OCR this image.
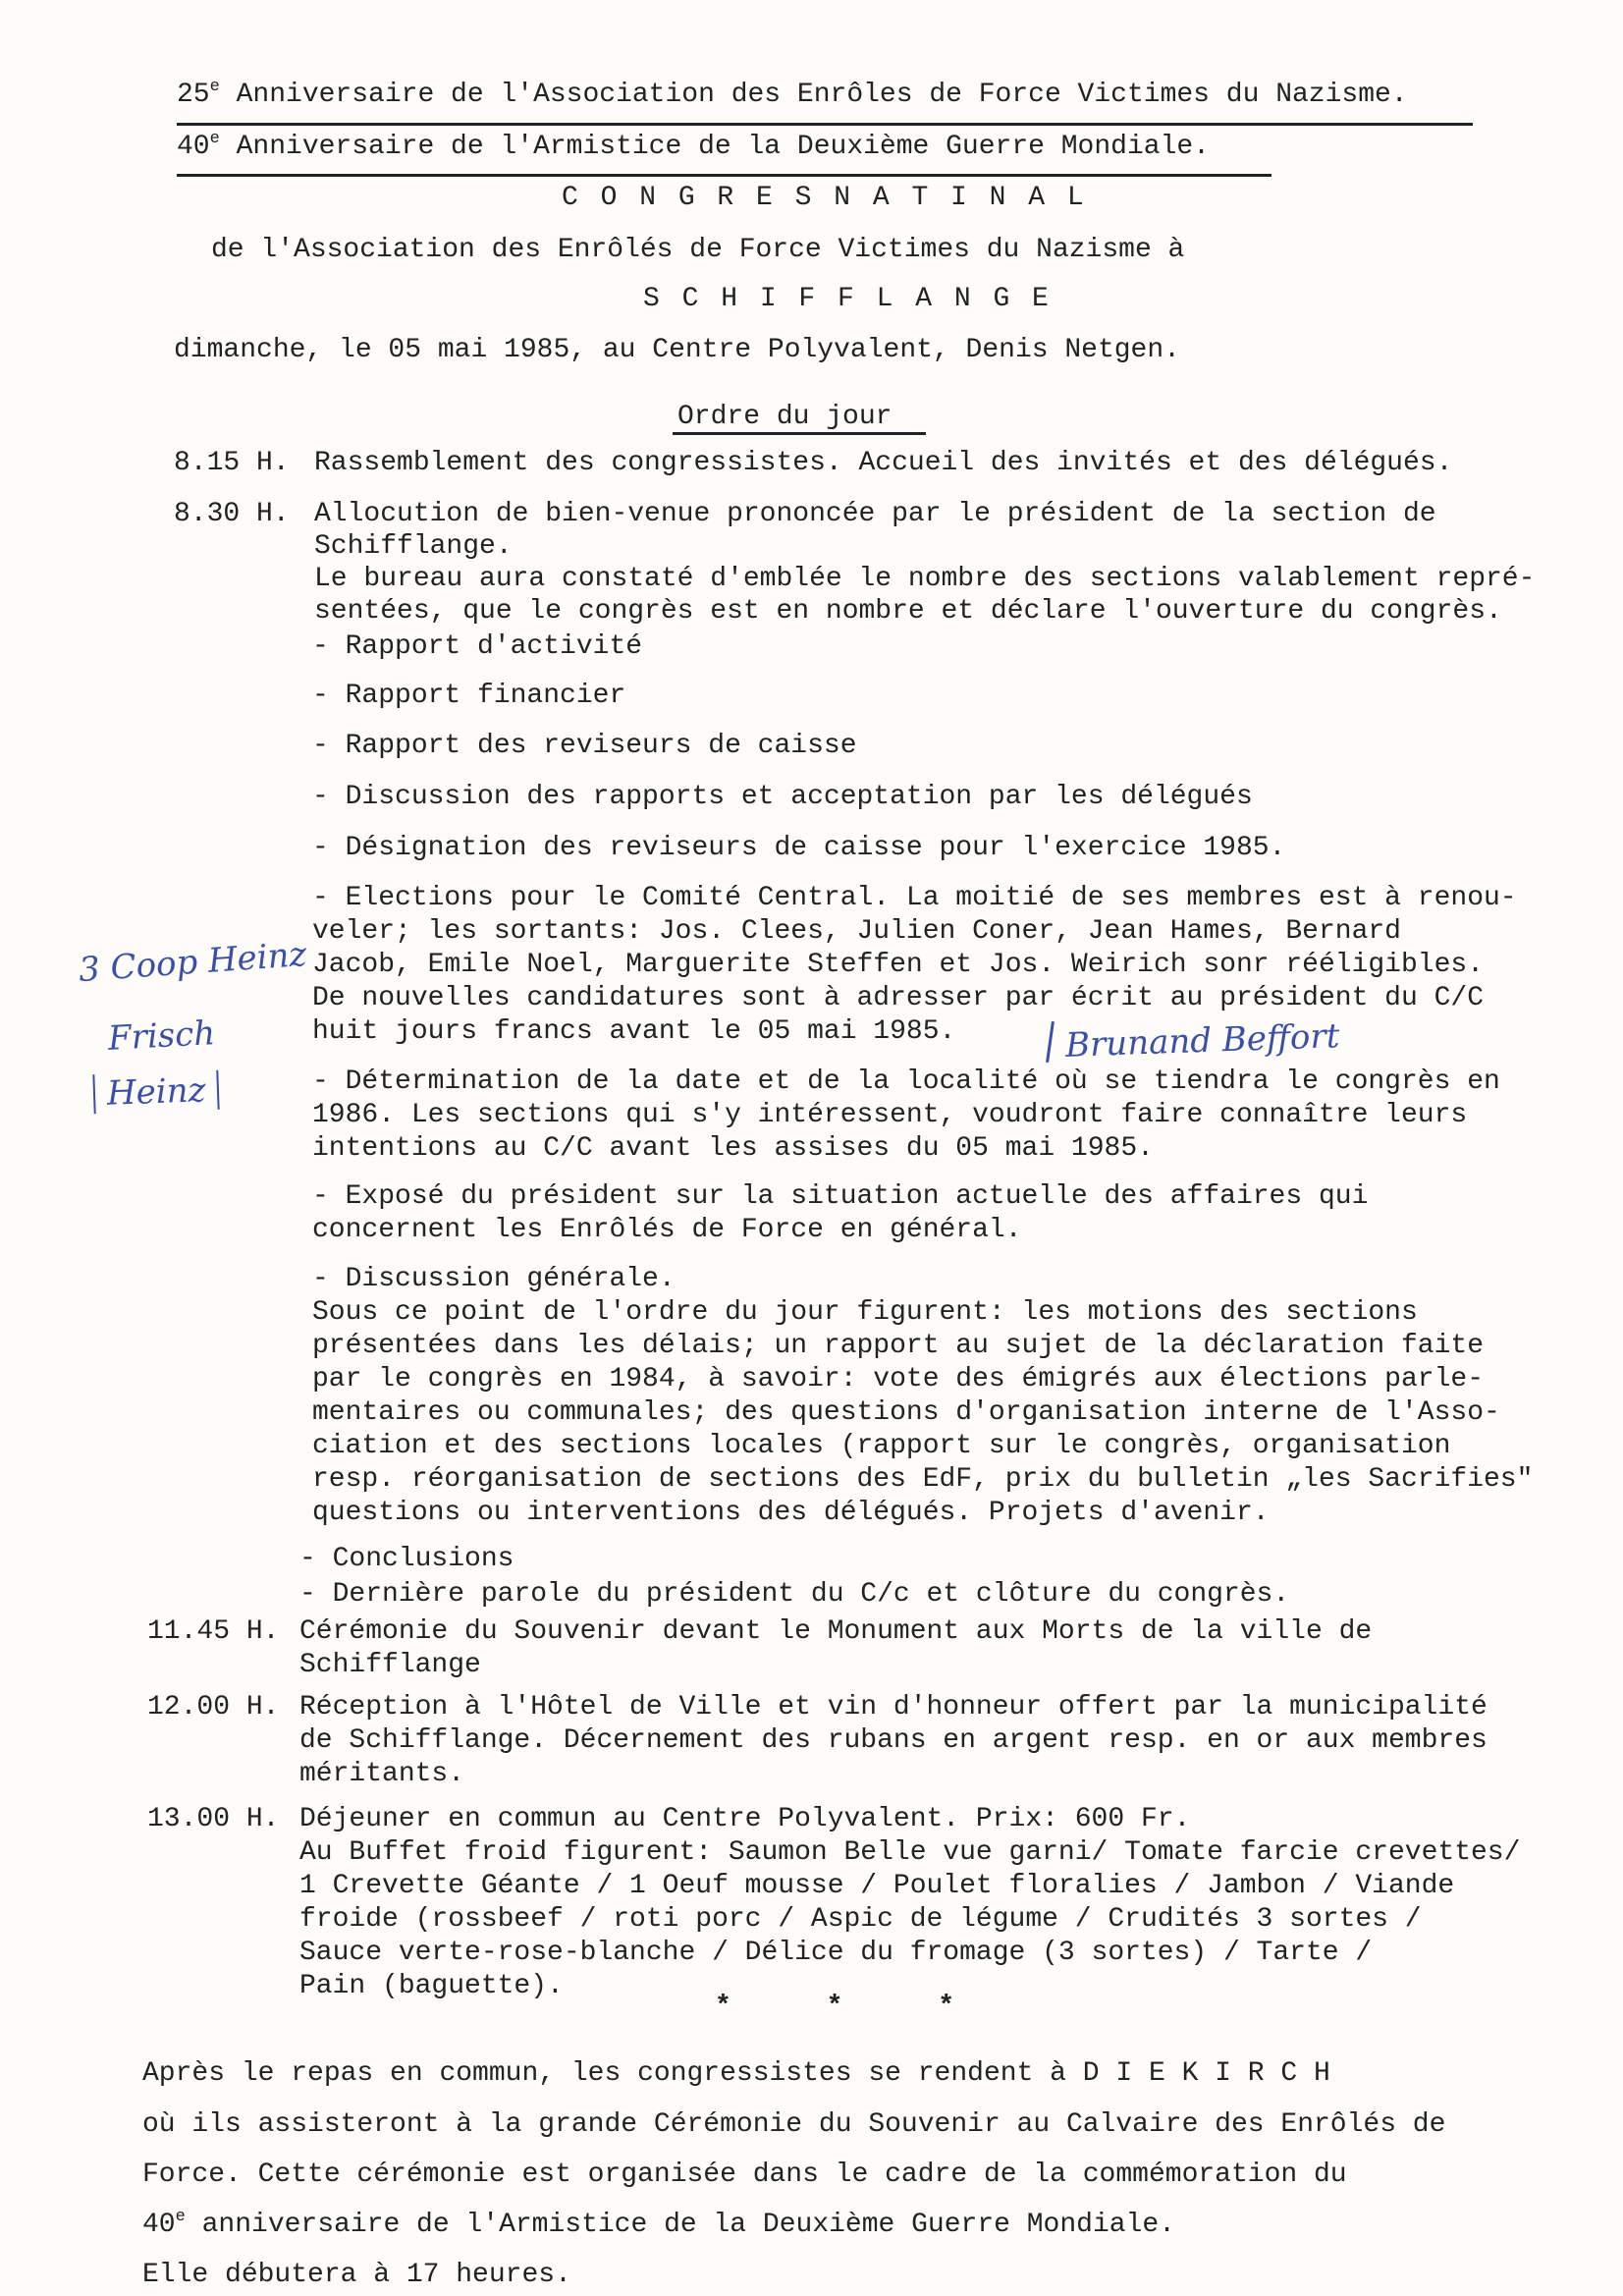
25e Anniversaire de l'Association des Enrôles de Force Victimes du Nazisme.
40e Anniversaire de l'Armistice de la Deuxième Guerre Mondiale.
C O N G R E S N A T I N A L
de l'Association des Enrôlés de Force Victimes du Nazisme à
S C H I F F L A N G E
dimanche, le 05 mai 1985, au Centre Polyvalent, Denis Netgen.
Ordre du jour
8.15 H. Rassemblement des congressistes. Accueil des invités et des délégués.
8.30 H. Allocution de bien-venue prononcée par le président de la section de
Schifflange.
Le bureau aura constaté d'emblée le nombre des sections valablement repré-
sentées, que le congrès est en nombre et déclare l'ouverture du congrès.
- Rapport d'activité
- Rapport financier
- Rapport des reviseurs de caisse
- Discussion des rapports et acceptation par les délégués
- Désignation des reviseurs de caisse pour l'exercice 1985.
- Elections pour le Comité Central. La moitié de ses membres est à renou-
veler; les sortants: Jos. Clees, Julien Coner, Jean Hames, Bernard
Jacob, Emile Noel, Marguerite Steffen et Jos. Weirich sonr rééligibles.
De nouvelles candidatures sont à adresser par écrit au président du C/C
huit jours francs avant le 05 mai 1985.
- Détermination de la date et de la localité où se tiendra le congrès en
1986. Les sections qui s'y intéressent, voudront faire connaître leurs
intentions au C/C avant les assises du 05 mai 1985.
- Exposé du président sur la situation actuelle des affaires qui
concernent les Enrôlés de Force en général.
- Discussion générale.
Sous ce point de l'ordre du jour figurent: les motions des sections
présentées dans les délais; un rapport au sujet de la déclaration faite
par le congrès en 1984, à savoir: vote des émigrés aux élections parle-
mentaires ou communales; des questions d'organisation interne de l'Asso-
ciation et des sections locales (rapport sur le congrès, organisation
resp. réorganisation de sections des EdF, prix du bulletin „les Sacrifies"
questions ou interventions des délégués. Projets d'avenir.
- Conclusions
- Dernière parole du président du C/c et clôture du congrès.
11.45 H. Cérémonie du Souvenir devant le Monument aux Morts de la ville de
Schifflange
12.00 H. Réception à l'Hôtel de Ville et vin d'honneur offert par la municipalité
de Schifflange. Décernement des rubans en argent resp. en or aux membres
méritants.
13.00 H. Déjeuner en commun au Centre Polyvalent. Prix: 600 Fr.
Au Buffet froid figurent: Saumon Belle vue garni/ Tomate farcie crevettes/
1 Crevette Géante / 1 Oeuf mousse / Poulet floralies / Jambon / Viande
froide (rossbeef / roti porc / Aspic de légume / Crudités 3 sortes /
Sauce verte-rose-blanche / Délice du fromage (3 sortes) / Tarte /
Pain (baguette).
* * *
Après le repas en commun, les congressistes se rendent à D I E K I R C H
où ils assisteront à la grande Cérémonie du Souvenir au Calvaire des Enrôlés de
Force. Cette cérémonie est organisée dans le cadre de la commémoration du
40e anniversaire de l'Armistice de la Deuxième Guerre Mondiale.
Elle débutera à 17 heures.
3 Coop Heinz
Frisch
Heinz
Brunand Beffort
